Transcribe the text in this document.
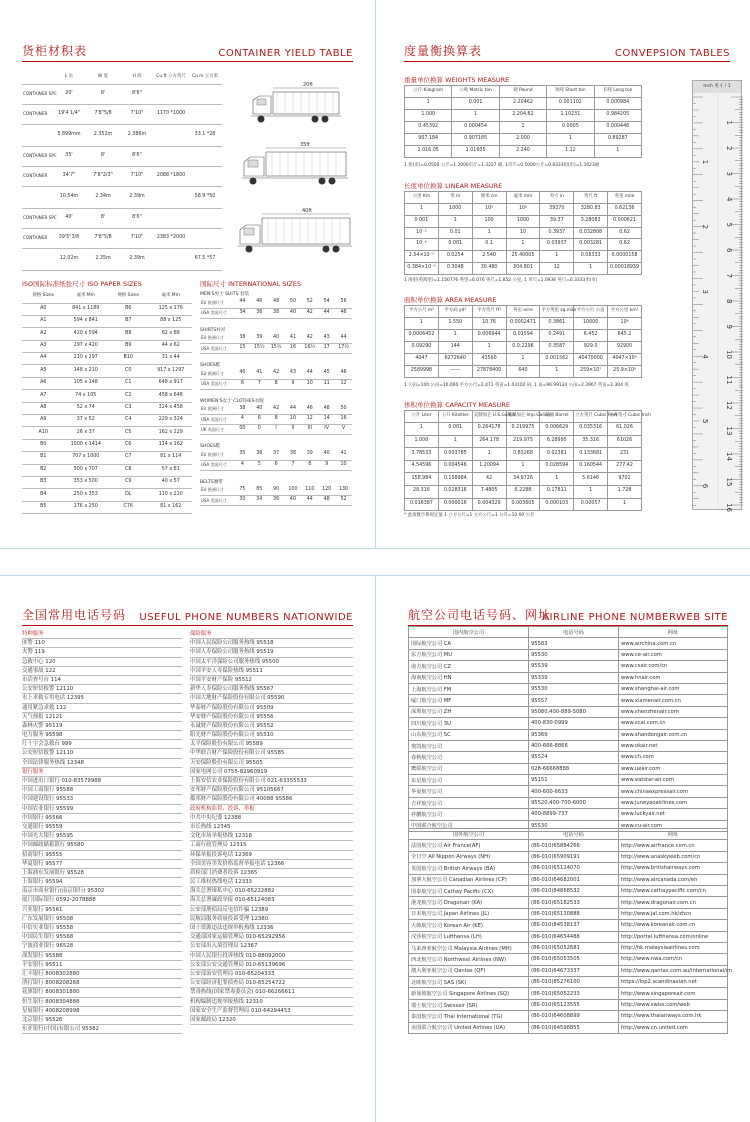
货柜材积表	CONTAINER YIELD TABLE
	L 长	W 宽	H 高	Cu ft 立方英尺	Cu m 立方米
CONTAINER SPC	20'	8'	8'6"		
CONTAINER	19'4 1/4"	7'8"5/8	7'10"	1170 *1000	
	5.899mm	2.352m	2.386m		33.1 *28
CONTAINER SPC	35'	8'	8'6"		
CONTAINER	34'7"	7'8"2/3"	7'10"	2088 *1800	
	10.54m	2.34m	2.39m		58.9 *50
CONTAINER SPC	40'	8'	8'6"		
CONTAINER	39'5"3/8	7'8"5/8	7'10"	2383 *2000	
	12.02m	2.35m	2.39m		67.5 *57
20ft
35ft
40ft
ISO国际标准纸张尺寸 ISO PAPER SIZES
规格 Sizes	毫米 Mm	规格 Sizes	毫米 Mm
A0	841 x 1189	B6	125 x 176
A1	594 x 841	B7	88 x 125
A2	420 x 594	B8	62 x 88
A3	297 x 420	B9	44 x 62
A4	210 x 297	B10	31 x 44
A5	148 x 210	C0	917 x 1297
A6	105 x 148	C1	648 x 917
A7	74 x 105	C2	458 x 648
A8	52 x 74	C3	324 x 458
A9	37 x 52	C4	229 x 324
A10	26 x 37	C5	162 x 229
B0	1000 x 1414	C6	114 x 162
B1	707 x 1000	C7	81 x 114
B2	500 x 707	C8	57 x 81
B3	353 x 500	C9	40 x 57
B4	250 x 353	DL	110 x 220
B5	176 x 250	C76	81 x 162
国际尺寸 INTERNATIONAL SIZES
MEN'S男士 SUITS 套装
EU 欧洲尺寸	44	46	48	50	52	54	56
USA 美国尺寸	34	36	38	40	42	44	46
SHIRTS衬衫
EU 欧洲尺寸	38	39	40	41	42	43	44
USA 美国尺寸	15	15½	15¾	16	16½	17	17½
SHOES鞋
EU 欧洲尺寸	40	41	42	43	44	45	46
USA 美国尺寸	6	7	8	9	10	11	12
WOMEN'S女士 CLOTHES衣服
EU 欧洲尺寸	38	40	42	44	46	48	50
USA 美国尺寸	4	6	8	10	12	14	16
UK 英国尺寸	00	0	I	II	III	IV	V
SHOES鞋
EU 欧洲尺寸	35	36	37	38	39	40	41
USA 美国尺寸	4	5	6	7	8	9	10
BELTS腰带
EU 欧洲尺寸	75	85	90	100	110	120	130
USA 美国尺寸	30	34	36	40	44	48	52
度量衡换算表	CONVEPSION TABLES
重量单位换算 WEIGHTS MEASURE
公斤 Kilogram	公吨 Metric ton	磅 Pound	短吨 Short ton	长吨 Long ton
1	0.001	2.20462	0.001102	0.000984
1.000	1	2.204.62	1.10231	0.984205
0.45392	0.000454	1	0.0005	0.000446
907.184	0.907185	2.000	1	0.89287
1.016.05	1.01605	2.240	1.12	1
1 担(市)=0.0500 公斤=1.2000市斤=1.3227 磅, 1市斤=0.5000公斤=0.8333担(市)=1.1023磅
长度单位换算 LINEAR MEASURE
公里 Km	米 m	厘米 cm	毫米 mm	英寸 in	英尺 ft	英里 mile
1	1000	10⁵	10⁶	39370	3280.83	0.62136
0.001	1	100	1000	39.37	3.28083	0.000621
10⁻⁵	0.01	1	10	0.3937	0.032808	0.62
10⁻⁶	0.001	0.1	1	0.03937	0.003281	0.62
2.54×10⁻⁵	0.0254	2.540	25.40005	1	0.08333	0.0000158
0.384×10⁻³	0.3048	30.480	304.801	12	1	0.00018939
1 海里(英海里)=1.150776 英里=6.076 英尺=1.852 公里, 1 市尺=1.0936 英尺=0.3333米(市)
面积单位换算 AREA MEASURE
平方公尺 m²	平方码 yd²	平方英尺 ft²	英亩 acre	平方英里 sq.mile	平方公行 公亩	平方公里 km²
1	1.550	10.76	0.0002471	0.3861	10000	10⁶
0.0006452	1	0.006944	0.01594	0.2491	6.452	645.2
0.09290	144	1	0.0:2296	0.3587	929.0	92900
4047	6272640	43560	1	0.001562	40470000	4047×10⁴
2589998	——	27878400	640	1	259×10⁷	25.9×10⁹
1 公亩=100 公亩=10,000 平方公尺=2,471 英亩=1.03102 码, 1 亩=96.99134 公亩=2.3967 英亩=2.304 英
体积单位换算 CAPACITY MEASURE
公升 Liter	公升 Kiloliter	美制加仑 U.S.Gallon	英制加仑 Imp.Gallon	美桶 Barrel	立方英尺 Cubic Feet	立方英寸 Cubic Inch
1	0.001	0.264178	0.219975	0.006629	0.035316	61.026
1.000	1	264.178	219.975	6.28995	35.316	61026
3.78533	0.003785	1	0.83268	0.02381	0.133681	231
4.54596	0.004546	1.20094	1	0.028594	0.160544	277.42
158.984	0.158984	42	34.9726	1	5.6146	9702
28.316	0.028316	7.4805	6.2288	0.17811	1	1.728
0.016387	0.000016	0.004329	0.003605	0.000103	0.00057	1
* 此项数字系规定值 1 立方公尺=1 立方公尺=1 公升=10.00 公升
Inch 英寸 / 1
1
2
3
4
5
6
7
8
9
10
11
12
13
14
15
16
1
2
3
4
5
6
全国常用电话号码 USEFUL PHONE NUMBERS NATIONWIDE
特种服务
匪警 110
火警 119
急救中心 120
交通事故 122
市话查号台 114
公安短信报警 12110
水上求救专用电话 12395
通用紧急求救 112
天气预报 12121
森林火警 95119
电力服务 95598
红十字会急救台 999
公安短信报警 12110
全国法律服务热线 12348
银行服务
中国进出口银行 010-83579988
中国工商银行 95588
中国建设银行 95533
中国农业银行 95599
中国银行 95566
交通银行 95559
中国光大银行 95595
中国邮政储蓄银行 95580
招商银行 95555
华夏银行 95577
上海浦东发展银行 95528
上海银行 95594
南京市商业银行(南京银行) 95302
厦门国际银行 0592-2078888
兴业银行 95561
广东发展银行 95508
中信实业银行 95558
中国民生银行 95568
宁波商业银行 96528
深发银行 95588
平安银行 95511
汇丰银行 8008302880
渣打银行 8008208268
花旗银行 8008301880
恒生银行 8008304888
星展银行 4008208998
北京银行 95526
东亚银行(中国)有限公司 95382
保险服务
中国人民保险公司服务热线 95518
中国人寿保险公司服务热线 95519
中国太平洋保险公司服务热线 95500
中国平安人寿保险热线 95511
中国平安财产保险 95512
新华人寿保险公司服务热线 95567
中国大地财产保险股份有限公司 95590
华泰财产保险股份有限公司 95509
华安财产保险股份有限公司 95556
永诚财产保险股份有限公司 95552
阳光财产保险股份有限公司 95510
太平保险股份有限公司 95589
中华联合财产保险股份有限公司 95585
天安保险股份有限公司 95505
国家电网公司 0755-82960919
上海安信农业保险股份有限公司 021-63355533
安邦财产保险股份有限公司 95105667
都邦财产保险股份有限公司 40088 95586
政府机构监督、投诉、举报
中共中央纪委 12388
市长热线 12345
文化市场举报热线 12318
工商行政管理局 12315
环保举报投诉电话 12369
全国美容美发价格监督举报电话 12366
质检部门消费者投诉 12365
民工维权热线电话 12333
海关总署缉私中心 010-65222882
海关总署廉政举报 010-65124083
公安部刑侦局反电信诈骗 12389
民航局服务质量投诉受理 12380
国土资源违法违规举报热线 12336
交通部国家运输管理局 010-65292956
公安部出入境管理局 12367
中国人民银行投诉热线 010-88092000
公安部公安交通管理局 010-65139696
公安部治安管理局 010-65204333
公安部经济犯罪侦查局 010-65254722
禁毒热线(国家禁毒委员会) 010-66266611
机构编制违规举报热线 12310
国家安全生产监督管理局 010-64294453
国家邮政局 12320
航空公司电话号码、网址
AIRLINE PHONE NUMBERWEB SITE
国内航空公司	电话号码	网址
国际航空公司 CA	95583	www.airchina.com.cn
东方航空公司 MU	95530	www.ce-air.com
南方航空公司 CZ	95539	www.csair.com/cn
海南航空公司 HN	95339	www.hnair.com
上海航空公司 FM	95530	www.shanghai-air.com
厦门航空公司 MF	95557	www.xiamenair.com.cn
深圳航空公司 ZH	95080,400-889-5080	www.shenzhenair.com
四川航空公司 3U	400-830-0999	www.scal.com.cn
山东航空公司 SC	95369	www.shandongair.com.cn
奥凯航空公司	400-666-8866	www.okair.net
春秋航空公司	95524	www.ch.com
鹰联航空公司	028-66668888	www.ueair.com
东星航空公司	95151	www.eatstar-air.com
华夏航空公司	400-600-6633	www.chinaexpressair.com
吉祥航空公司	95520,400-700-6000	www.juneyaoairlines.com
祥鹏航空公司	400-8899-737	www.luckyair.net
中国联合航空公司	95530	www.cu-air.com
国外航空公司	电话号码	网址
法国航空公司 Air France(AF)	(86-010)65884266	http://www.airfrance.com.cn
全日空 All Nippon Airways (NH)	(86-010)65909191	http://www.anaskyweb.com/cn
英国航空公司 British Airways (BA)	(86-010)65124070	http://www.britishairways.com
加拿大航空公司 Canadian Airlines (CP)	(86-010)64682001	http://www.aircanada.com/en
国泰航空公司 Cathay Pacific (CX)	(86-010)84868532	http://www.cathaypacific.com/cn
港龙航空公司 Dragonair (KA)	(86-010)65182533	http://www.dragonair.com.cn
日本航空公司 Japan Airlines (JL)	(86-010)65130888	http://www.jal.com.hk/zhcn
大韩航空公司 Korean Air (KE)	(86-010)84538137	http://www.koreanair.com.cn
汉莎航空公司 Lufthansa (LH)	(86-010)64654488	http://portal.lufthansa.com/online
马来西亚航空公司 Malaysia Airlines (MH)	(86-010)65052681	http://hk.malaysiaairlines.com
西北航空公司 Northwest Airlines (NW)	(86-010)65053505	http://www.nwa.com/cn
澳大利亚航空公司 Qantas (QF)	(86-010)64673337	http://www.qantas.com.au/international/cn
北欧航空公司 SAS (SK)	(86-010)85276100	https://lop2.scandinavian.net
新加坡航空公司 Singapore Airlines (SQ)	(86-010)65052233	http://www.singaporeair.com
瑞士航空公司 Swissair (SR)	(86-010)65123555	http://www.swiss.com/web
泰国航空公司 Thai International (TG)	(86-010)64608899	http://www.thaiairways.com.hk
美国联合航空公司 United Airlines (UA)	(86-010)64598855	http://www.cn.united.com
